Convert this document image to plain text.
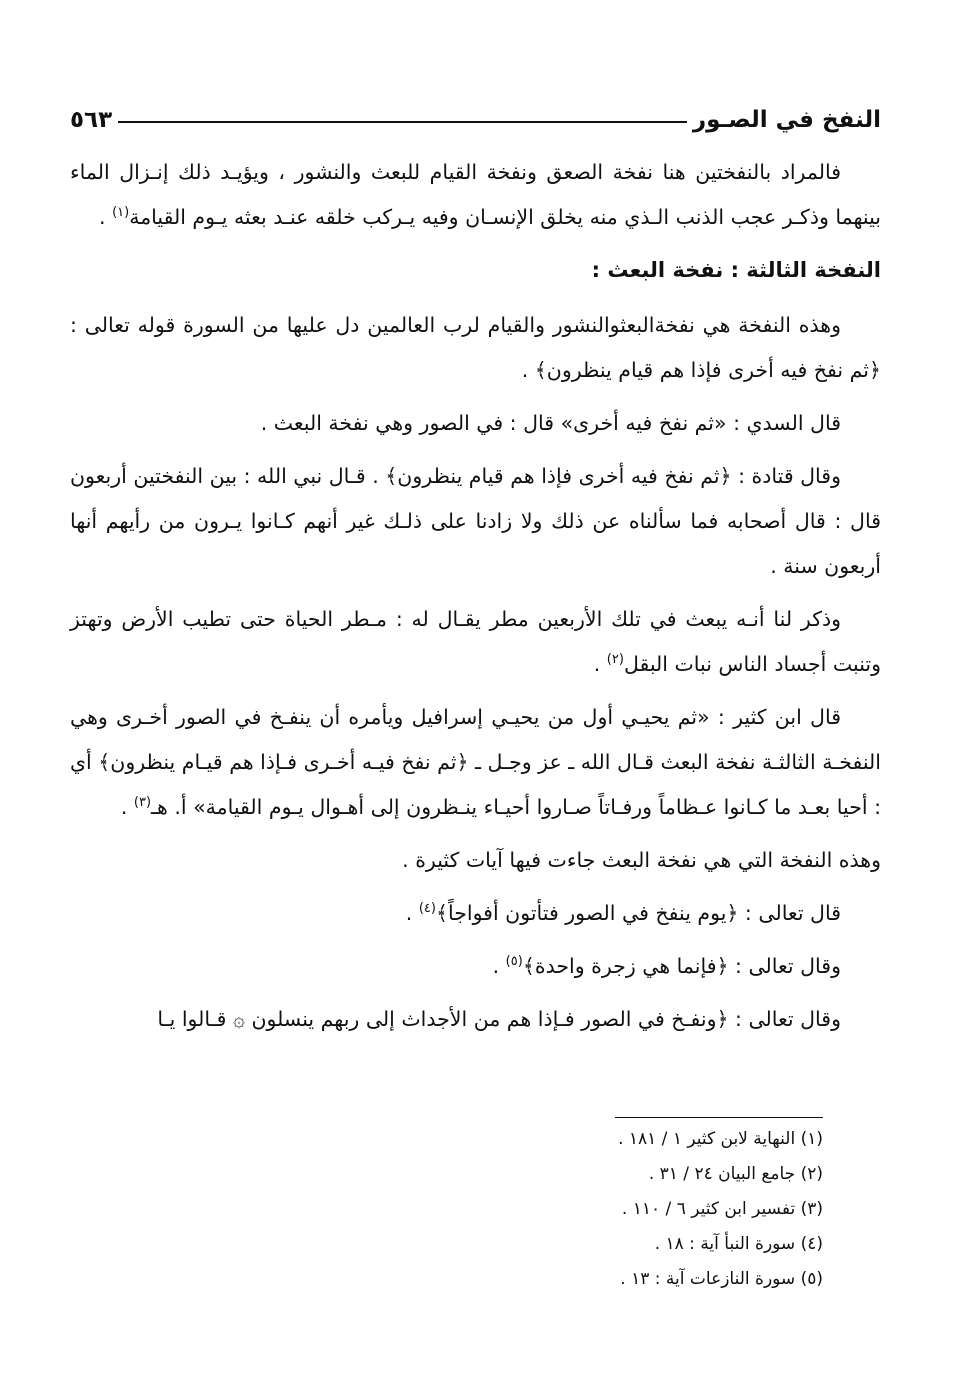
النفخ في الصـور
٥٦٣

فالمراد بالنفختين هنا نفخة الصعق ونفخة القيام للبعث والنشور ، ويؤيـد ذلك إنـزال الماء بينهما وذكـر عجب الذنب الـذي منه يخلق الإنسـان وفيه يـركب خلقه عنـد بعثه يـوم القيامة$^{(١)}$ .

النفخة الثالثة : نفخة البعث :

وهذه النفخة هي نفخةالبعثوالنشور والقيام لرب العالمين دل عليها من السورة قوله تعالى : ﴿ثم نفخ فيه أخرى فإذا هم قيام ينظرون﴾ .

قال السدي : «ثم نفخ فيه أخرى» قال : في الصور وهي نفخة البعث .

وقال قتادة : ﴿ثم نفخ فيه أخرى فإذا هم قيام ينظرون﴾ . قـال نبي الله : بين النفختين أربعون قال : قال أصحابه فما سألناه عن ذلك ولا زادنا على ذلـك غير أنهم كـانوا يـرون من رأيهم أنها أربعون سنة .

وذكر لنا أنـه يبعث في تلك الأربعين مطر يقـال له : مـطر الحياة حتى تطيب الأرض وتهتز وتنبت أجساد الناس نبات البقل$^{(٢)}$ .

قال ابن كثير : «ثم يحيـي أول من يحيـي إسرافيل ويأمره أن ينفـخ في الصور أخـرى وهي النفخـة الثالثـة نفخة البعث قـال الله ـ عز وجـل ـ ﴿ثم نفخ فيـه أخـرى فـإذا هم قيـام ينظرون﴾ أي : أحيا بعـد ما كـانوا عـظاماً ورفـاتاً صـاروا أحيـاء ينـظرون إلى أهـوال يـوم القيامة» أ. هـ$^{(٣)}$ .

وهذه النفخة التي هي نفخة البعث جاءت فيها آيات كثيرة .

قال تعالى : ﴿يوم ينفخ في الصور فتأتون أفواجاً﴾$^{(٤)}$ .

وقال تعالى : ﴿فإنما هي زجرة واحدة﴾$^{(٥)}$ .

وقال تعالى : ﴿ونفـخ في الصور فـإذا هم من الأجداث إلى ربهم ينسلون ۞ قـالوا يـا

(١) النهاية لابن كثير ١ / ١٨١ .

(٢) جامع البيان ٢٤ / ٣١ .

(٣) تفسير ابن كثير ٦ / ١١٠ .

(٤) سورة النبأ آية : ١٨ .

(٥) سورة النازعات آية : ١٣ .
